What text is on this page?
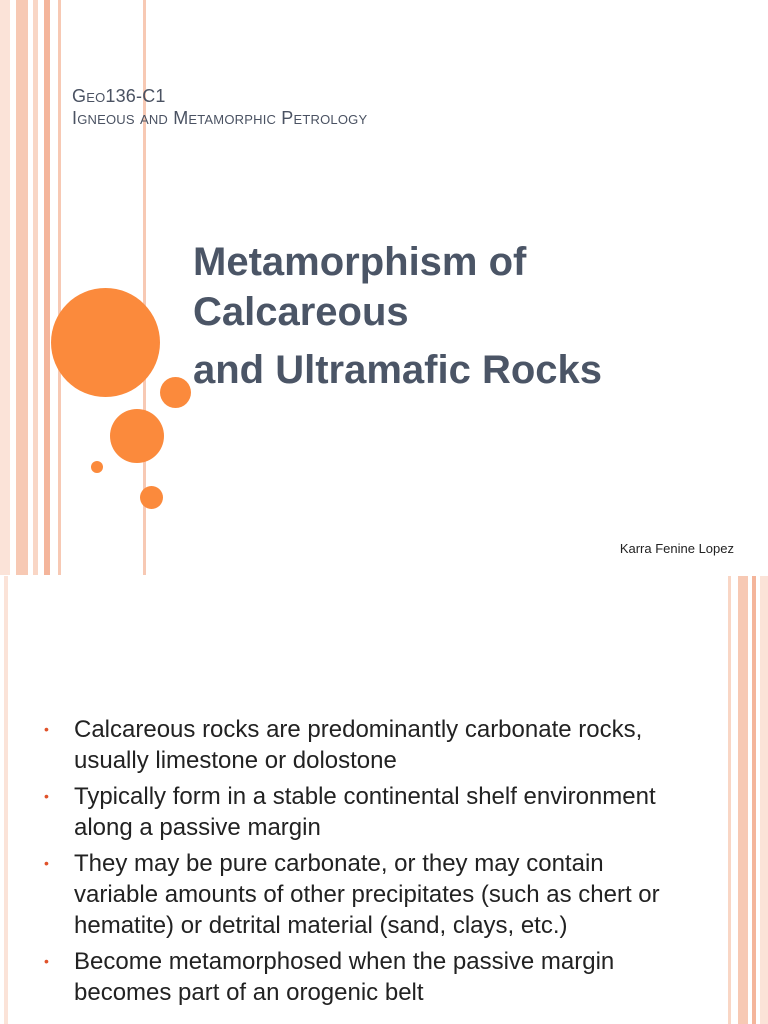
Geo136-C1

Igneous and Metamorphic Petrology

Metamorphism of
Calcareous
and Ultramafic Rocks
Karra Fenine Lopez
• Calcareous rocks are predominantly carbonate rocks, usually limestone or dolostone
• Typically form in a stable continental shelf environment along a passive margin
• They may be pure carbonate, or they may contain variable amounts of other precipitates (such as chert or hematite) or detrital material (sand, clays, etc.)
• Become metamorphosed when the passive margin becomes part of an orogenic belt
